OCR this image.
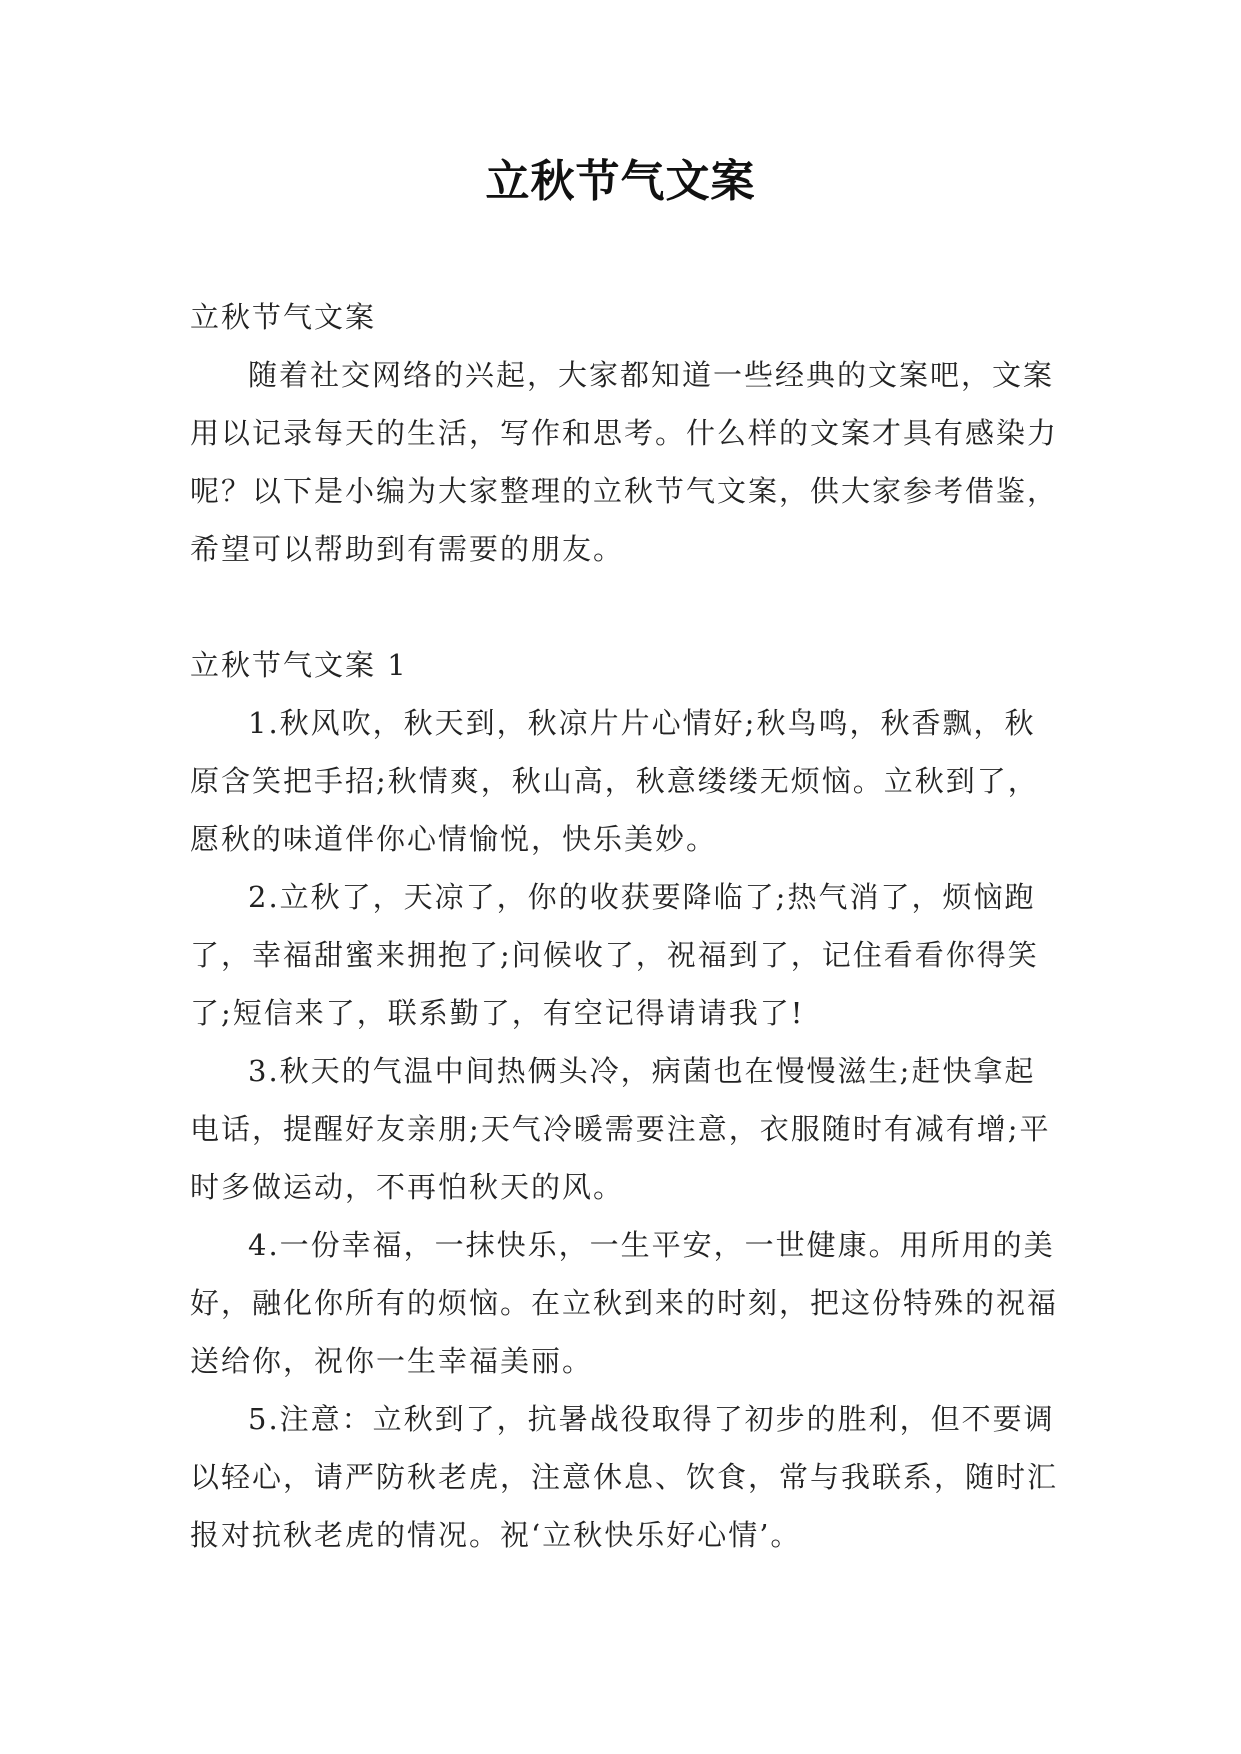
立秋节气文案

立秋节气文案

随着社交网络的兴起，大家都知道一些经典的文案吧，文案用以记录每天的生活，写作和思考。什么样的文案才具有感染力呢？以下是小编为大家整理的立秋节气文案，供大家参考借鉴，希望可以帮助到有需要的朋友。

立秋节气文案 1

1.秋风吹，秋天到，秋凉片片心情好;秋鸟鸣，秋香飘，秋原含笑把手招;秋情爽，秋山高，秋意缕缕无烦恼。立秋到了，愿秋的味道伴你心情愉悦，快乐美妙。

2.立秋了，天凉了，你的收获要降临了;热气消了，烦恼跑了，幸福甜蜜来拥抱了;问候收了，祝福到了，记住看看你得笑了;短信来了，联系勤了，有空记得请请我了!

3.秋天的气温中间热俩头冷，病菌也在慢慢滋生;赶快拿起电话，提醒好友亲朋;天气冷暖需要注意，衣服随时有减有增;平时多做运动，不再怕秋天的风。

4.一份幸福，一抹快乐，一生平安，一世健康。用所用的美好，融化你所有的烦恼。在立秋到来的时刻，把这份特殊的祝福送给你，祝你一生幸福美丽。

5.注意：立秋到了，抗暑战役取得了初步的胜利，但不要调以轻心，请严防秋老虎，注意休息、饮食，常与我联系，随时汇报对抗秋老虎的情况。祝‘立秋快乐好心情’。
